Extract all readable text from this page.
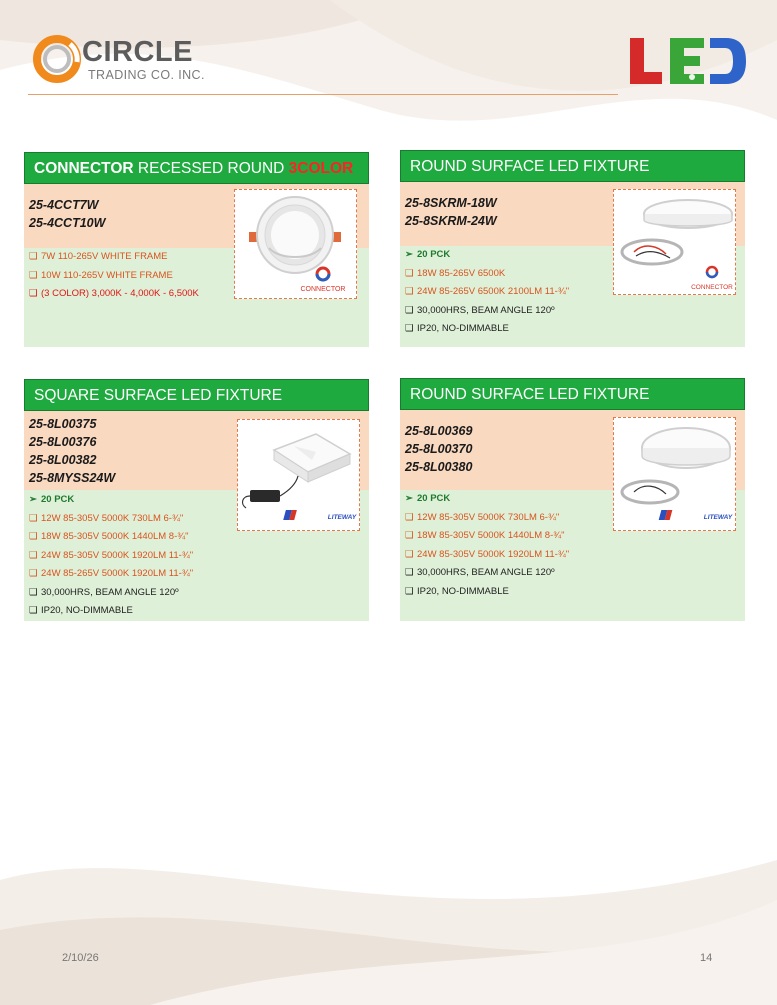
CIRCLE
TRADING CO. INC.
CONNECTOR RECESSED ROUND 3COLOR
25-4CCT7W
25-4CCT10W
CONNECTOR
❑ 7W 110-265V WHITE FRAME
❑ 10W 110-265V WHITE FRAME
❑ (3 COLOR) 3,000K - 4,000K - 6,500K
ROUND SURFACE LED FIXTURE
25-8SKRM-18W
25-8SKRM-24W
CONNECTOR
➢ 20 PCK
❑ 18W 85-265V 6500K
❑ 24W 85-265V 6500K 2100LM 11-¾"
❑ 30,000HRS, BEAM ANGLE 120º
❑ IP20, NO-DIMMABLE
SQUARE SURFACE LED FIXTURE
25-8L00375
25-8L00376
25-8L00382
25-8MYSS24W
LITEWAY
➢ 20 PCK
❑ 12W 85-305V 5000K 730LM 6-¾"
❑ 18W 85-305V 5000K 1440LM 8-¾"
❑ 24W 85-305V 5000K 1920LM 11-¾"
❑ 24W 85-265V 5000K 1920LM 11-¾"
❑ 30,000HRS, BEAM ANGLE 120º
❑ IP20, NO-DIMMABLE
ROUND SURFACE LED FIXTURE
25-8L00369
25-8L00370
25-8L00380
LITEWAY
➢ 20 PCK
❑ 12W 85-305V 5000K 730LM 6-¾"
❑ 18W 85-305V 5000K 1440LM 8-¾"
❑ 24W 85-305V 5000K 1920LM 11-¾"
❑ 30,000HRS, BEAM ANGLE 120º
❑ IP20, NO-DIMMABLE
2/10/26	14
